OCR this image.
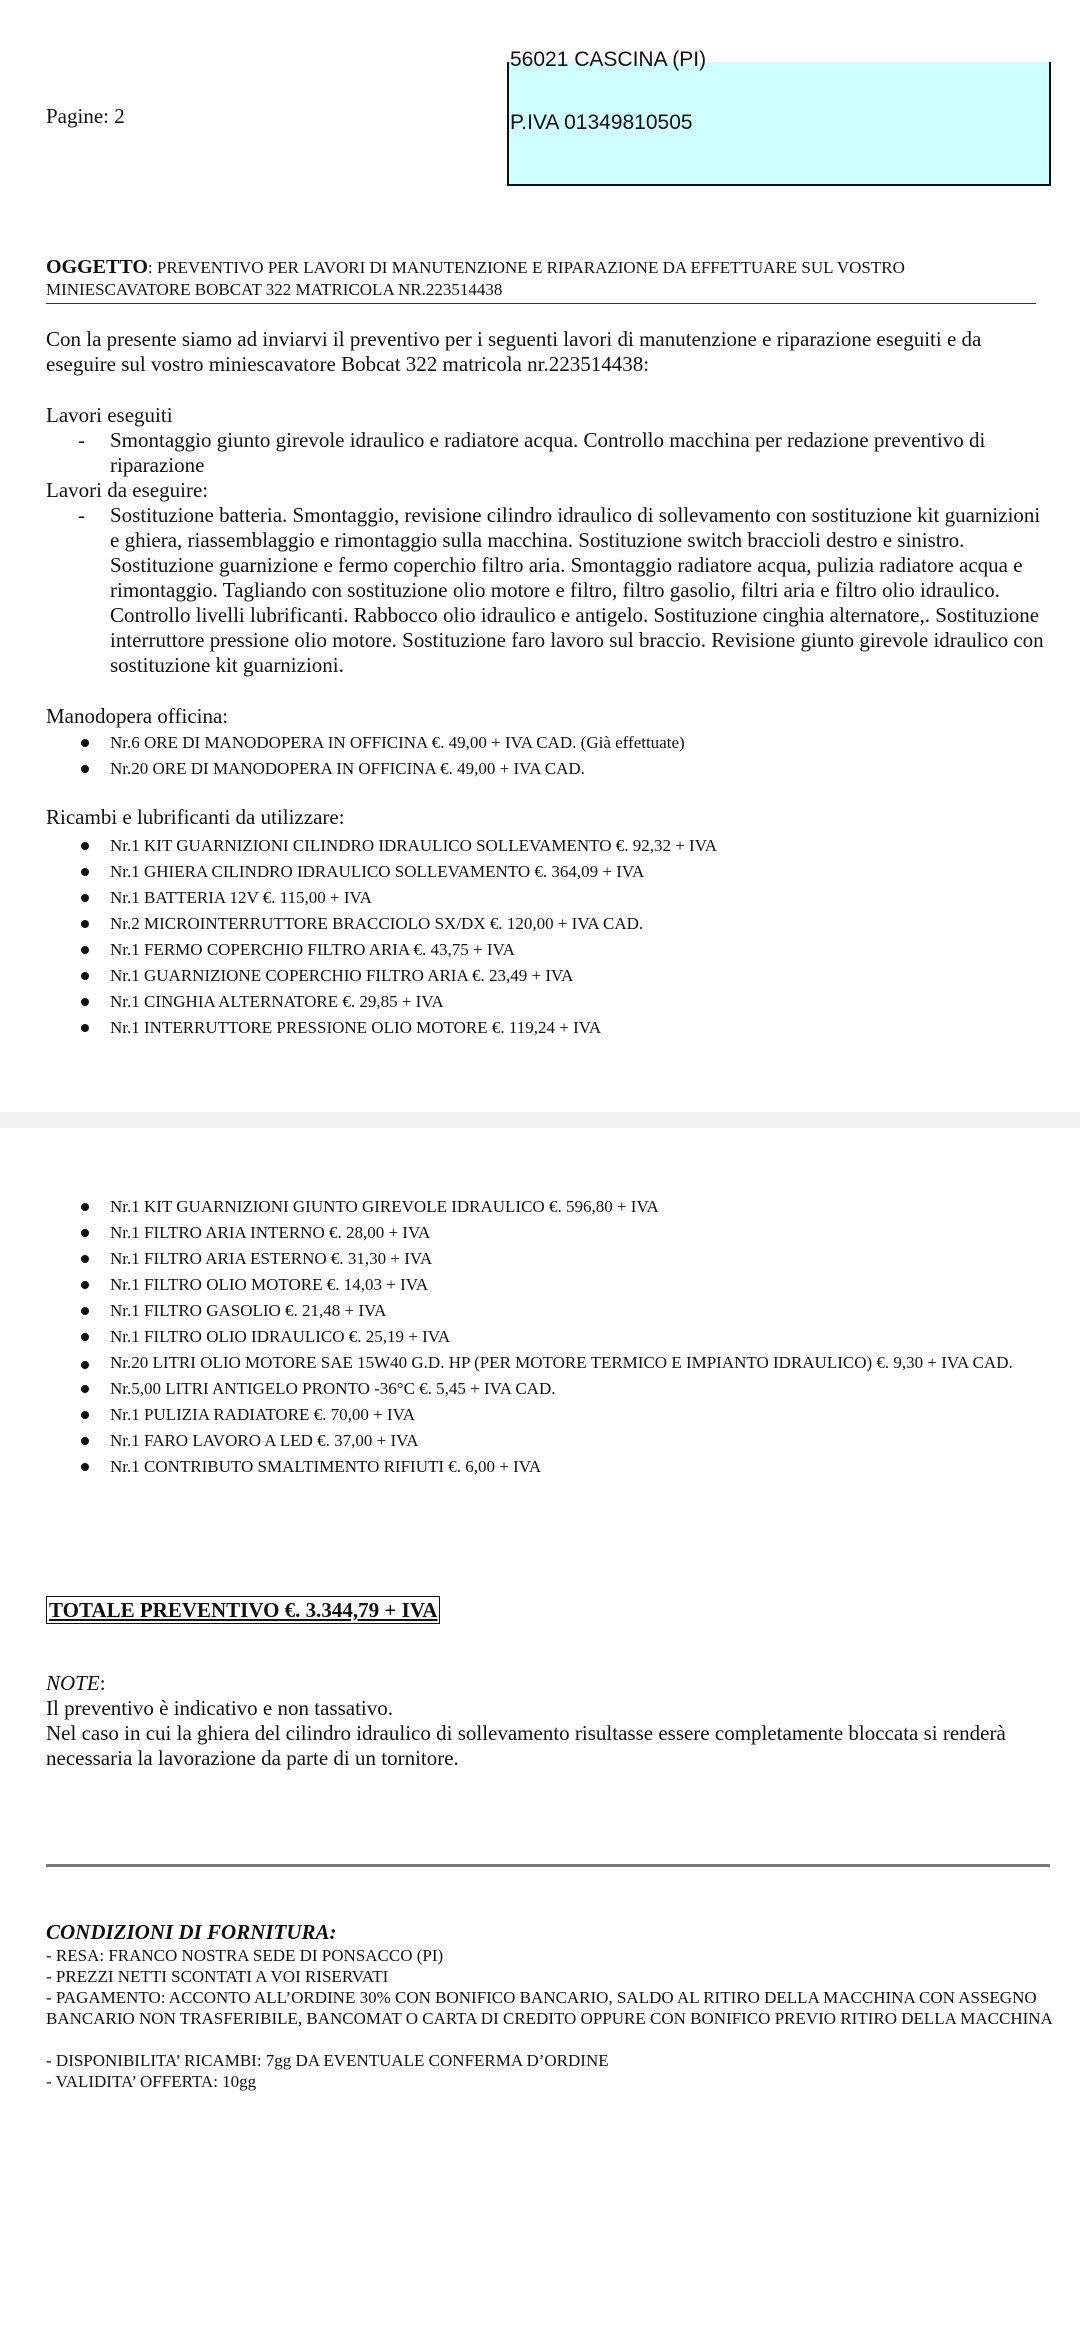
Pagine: 2
56021 CASCINA (PI)
P.IVA 01349810505
OGGETTO: PREVENTIVO PER LAVORI DI MANUTENZIONE E RIPARAZIONE DA EFFETTUARE SUL VOSTRO MINIESCAVATORE BOBCAT 322 MATRICOLA NR.223514438
Con la presente siamo ad inviarvi il preventivo per i seguenti lavori di manutenzione e riparazione eseguiti e da eseguire sul vostro miniescavatore Bobcat 322 matricola nr.223514438:
Lavori eseguiti
-	Smontaggio giunto girevole idraulico e radiatore acqua. Controllo macchina per redazione preventivo di riparazione
Lavori da eseguire:
-	Sostituzione batteria. Smontaggio, revisione cilindro idraulico di sollevamento con sostituzione kit guarnizioni e ghiera, riassemblaggio e rimontaggio sulla macchina. Sostituzione switch braccioli destro e sinistro. Sostituzione guarnizione e fermo coperchio filtro aria. Smontaggio radiatore acqua, pulizia radiatore acqua e rimontaggio. Tagliando con sostituzione olio motore e filtro, filtro gasolio, filtri aria e filtro olio idraulico. Controllo livelli lubrificanti. Rabbocco olio idraulico e antigelo. Sostituzione cinghia alternatore,. Sostituzione interruttore pressione olio motore. Sostituzione faro lavoro sul braccio. Revisione giunto girevole idraulico con sostituzione kit guarnizioni.
Manodopera officina:
Nr.6 ORE DI MANODOPERA IN OFFICINA €. 49,00 + IVA CAD. (Già effettuate)
Nr.20 ORE DI MANODOPERA IN OFFICINA €. 49,00 + IVA CAD.
Ricambi e lubrificanti da utilizzare:
Nr.1 KIT GUARNIZIONI CILINDRO IDRAULICO SOLLEVAMENTO €. 92,32 + IVA
Nr.1 GHIERA CILINDRO IDRAULICO SOLLEVAMENTO €. 364,09 + IVA
Nr.1 BATTERIA 12V €. 115,00 + IVA
Nr.2 MICROINTERRUTTORE BRACCIOLO SX/DX €. 120,00 + IVA CAD.
Nr.1 FERMO COPERCHIO FILTRO ARIA €. 43,75 + IVA
Nr.1 GUARNIZIONE COPERCHIO FILTRO ARIA €. 23,49 + IVA
Nr.1 CINGHIA ALTERNATORE €. 29,85 + IVA
Nr.1 INTERRUTTORE PRESSIONE OLIO MOTORE €. 119,24 + IVA
Nr.1 KIT GUARNIZIONI GIUNTO GIREVOLE IDRAULICO €. 596,80 + IVA
Nr.1 FILTRO ARIA INTERNO €. 28,00 + IVA
Nr.1 FILTRO ARIA ESTERNO €. 31,30 + IVA
Nr.1 FILTRO OLIO MOTORE €. 14,03 + IVA
Nr.1 FILTRO GASOLIO €. 21,48 + IVA
Nr.1 FILTRO OLIO IDRAULICO €. 25,19 + IVA
Nr.20 LITRI OLIO MOTORE SAE 15W40 G.D. HP (PER MOTORE TERMICO E IMPIANTO IDRAULICO) €. 9,30 + IVA CAD.
Nr.5,00 LITRI ANTIGELO PRONTO -36°C €. 5,45 + IVA CAD.
Nr.1 PULIZIA RADIATORE €. 70,00 + IVA
Nr.1 FARO LAVORO A LED €. 37,00 + IVA
Nr.1 CONTRIBUTO SMALTIMENTO RIFIUTI €. 6,00 + IVA
TOTALE PREVENTIVO €. 3.344,79 + IVA
NOTE:
Il preventivo è indicativo e non tassativo.
Nel caso in cui la ghiera del cilindro idraulico di sollevamento risultasse essere completamente bloccata si renderà necessaria la lavorazione da parte di un tornitore.
CONDIZIONI DI FORNITURA:
- RESA: FRANCO NOSTRA SEDE DI PONSACCO (PI)
- PREZZI NETTI SCONTATI A VOI RISERVATI
- PAGAMENTO: ACCONTO ALL’ORDINE 30% CON BONIFICO BANCARIO, SALDO AL RITIRO DELLA MACCHINA CON ASSEGNO BANCARIO NON TRASFERIBILE, BANCOMAT O CARTA DI CREDITO OPPURE CON BONIFICO PREVIO RITIRO DELLA MACCHINA
- DISPONIBILITA’ RICAMBI: 7gg DA EVENTUALE CONFERMA D’ORDINE
- VALIDITA’ OFFERTA: 10gg
